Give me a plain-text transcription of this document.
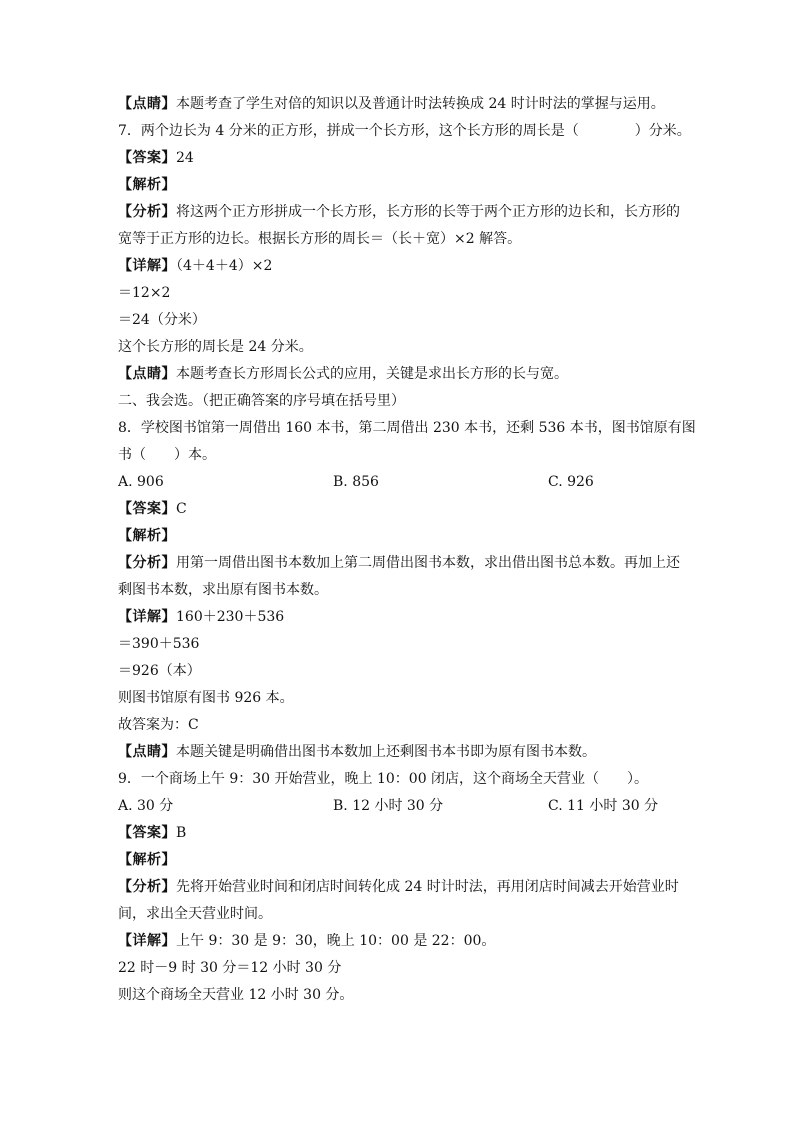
【点睛】本题考查了学生对倍的知识以及普通计时法转换成 24 时计时法的掌握与运用。
7．两个边长为 4 分米的正方形，拼成一个长方形，这个长方形的周长是（　　　　）分米。
【答案】24
【解析】
【分析】将这两个正方形拼成一个长方形，长方形的长等于两个正方形的边长和，长方形的
宽等于正方形的边长。根据长方形的周长＝（长＋宽）×2 解答。
【详解】（4＋4＋4）×2
＝12×2
＝24（分米）
这个长方形的周长是 24 分米。
【点睛】本题考查长方形周长公式的应用，关键是求出长方形的长与宽。
二、我会选。（把正确答案的序号填在括号里）
8．学校图书馆第一周借出 160 本书，第二周借出 230 本书，还剩 536 本书，图书馆原有图
书（　　）本。
A. 906	B. 856	C. 926
【答案】C
【解析】
【分析】用第一周借出图书本数加上第二周借出图书本数，求出借出图书总本数。再加上还
剩图书本数，求出原有图书本数。
【详解】160＋230＋536
＝390＋536
＝926（本）
则图书馆原有图书 926 本。
故答案为：C
【点睛】本题关键是明确借出图书本数加上还剩图书本书即为原有图书本数。
9．一个商场上午 9：30 开始营业，晚上 10：00 闭店，这个商场全天营业（　　）。
A. 30 分	B. 12 小时 30 分	C. 11 小时 30 分
【答案】B
【解析】
【分析】先将开始营业时间和闭店时间转化成 24 时计时法，再用闭店时间减去开始营业时
间，求出全天营业时间。
【详解】上午 9：30 是 9：30，晚上 10：00 是 22：00。
22 时－9 时 30 分＝12 小时 30 分
则这个商场全天营业 12 小时 30 分。
